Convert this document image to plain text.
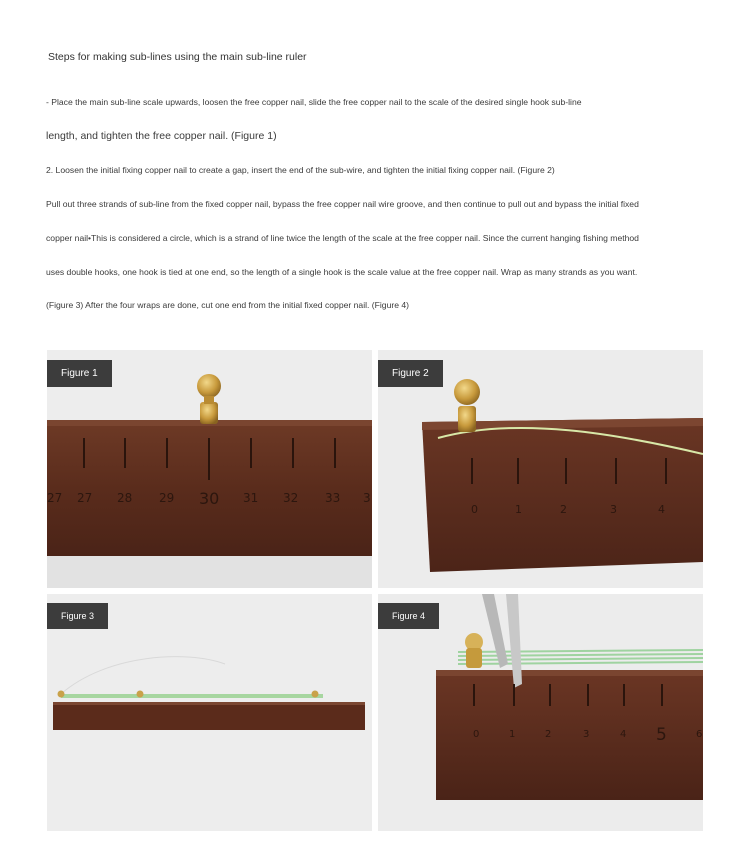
Steps for making sub-lines using the main sub-line ruler
- Place the main sub-line scale upwards, loosen the free copper nail, slide the free copper nail to the scale of the desired single hook sub-line
length, and tighten the free copper nail. (Figure 1)
2. Loosen the initial fixing copper nail to create a gap, insert the end of the sub-wire, and tighten the initial fixing copper nail. (Figure 2)
Pull out three strands of sub-line from the fixed copper nail, bypass the free copper nail wire groove, and then continue to pull out and bypass the initial fixed
copper nail•This is considered a circle, which is a strand of line twice the length of the scale at the free copper nail. Since the current hanging fishing method
uses double hooks, one hook is tied at one end, so the length of a single hook is the scale value at the free copper nail. Wrap as many strands as you want.
(Figure 3) After the four wraps are done, cut one end from the initial fixed copper nail. (Figure 4)
27 27 28 29 30 31 32 33 3
Figure 1
0	1	2	3	4
Figure 2
Figure 3
0	1	2	3	4 5	6
Figure 4
